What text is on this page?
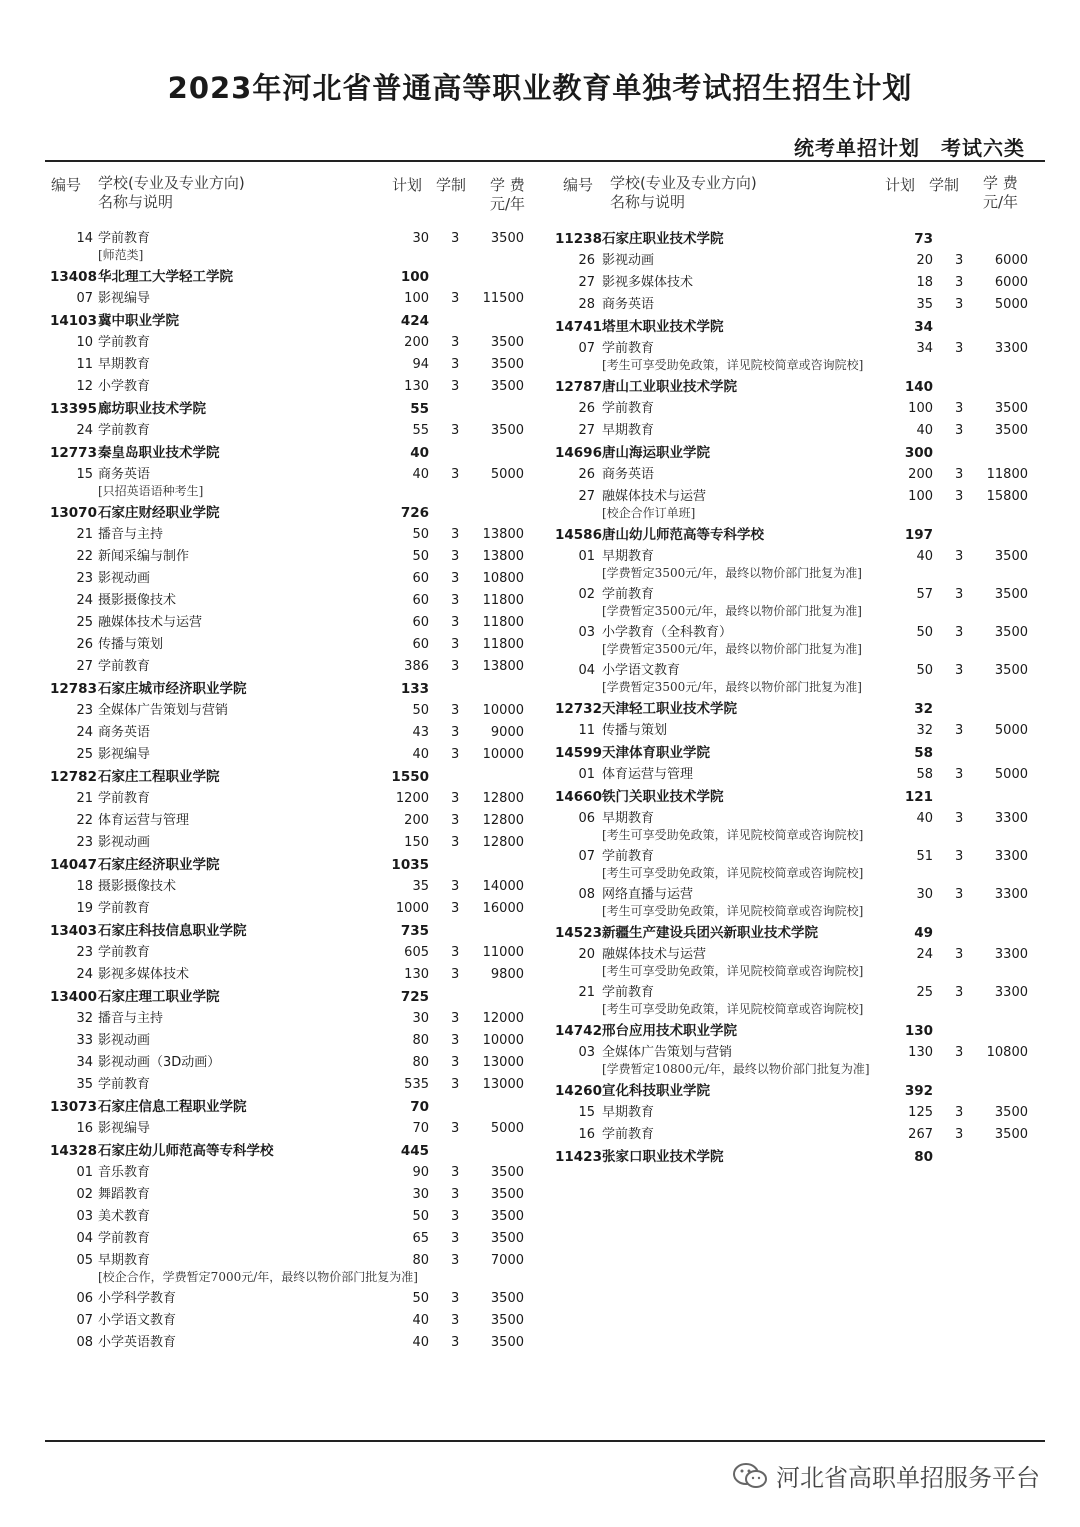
2023年河北省普通高等职业教育单独考试招生招生计划
统考单招计划　考试六类
编号 学校(专业及专业方向)
名称与说明
计划 学制 学 费
元/年
14 学前教育	30 3	3500
[师范类]
13408 华北理工大学轻工学院	100
07 影视编导	100 3	11500
14103 冀中职业学院	424
10 学前教育	200 3	3500
11 早期教育	94 3	3500
12 小学教育	130 3	3500
13395 廊坊职业技术学院	55
24 学前教育	55 3	3500
12773 秦皇岛职业技术学院	40
15 商务英语	40 3	5000
[只招英语语种考生]
13070 石家庄财经职业学院	726
21 播音与主持	50 3	13800
22 新闻采编与制作	50 3	13800
23 影视动画	60 3	10800
24 摄影摄像技术	60 3	11800
25 融媒体技术与运营	60 3	11800
26 传播与策划	60 3	11800
27 学前教育	386 3	13800
12783 石家庄城市经济职业学院	133
23 全媒体广告策划与营销	50 3	10000
24 商务英语	43 3	9000
25 影视编导	40 3	10000
12782 石家庄工程职业学院	1550
21 学前教育	1200 3	12800
22 体育运营与管理	200 3	12800
23 影视动画	150 3	12800
14047 石家庄经济职业学院	1035
18 摄影摄像技术	35 3	14000
19 学前教育	1000 3	16000
13403 石家庄科技信息职业学院	735
23 学前教育	605 3	11000
24 影视多媒体技术	130 3	9800
13400 石家庄理工职业学院	725
32 播音与主持	30 3	12000
33 影视动画	80 3	10000
34 影视动画（3D动画）	80 3	13000
35 学前教育	535 3	13000
13073 石家庄信息工程职业学院	70
16 影视编导	70 3	5000
14328 石家庄幼儿师范高等专科学校	445
01 音乐教育	90 3	3500
02 舞蹈教育	30 3	3500
03 美术教育	50 3	3500
04 学前教育	65 3	3500
05 早期教育	80 3	7000
[校企合作，学费暂定7000元/年，最终以物价部门批复为准]
06 小学科学教育	50 3	3500
07 小学语文教育	40 3	3500
08 小学英语教育	40 3	3500
编号 学校(专业及专业方向)
名称与说明
计划 学制 学 费
元/年
11238 石家庄职业技术学院	73
26 影视动画	20 3	6000
27 影视多媒体技术	18 3	6000
28 商务英语	35 3	5000
14741 塔里木职业技术学院	34
07 学前教育	34 3	3300
[考生可享受助免政策，详见院校简章或咨询院校]
12787 唐山工业职业技术学院	140
26 学前教育	100 3	3500
27 早期教育	40 3	3500
14696 唐山海运职业学院	300
26 商务英语	200 3	11800
27 融媒体技术与运营	100 3	15800
[校企合作订单班]
14586 唐山幼儿师范高等专科学校	197
01 早期教育	40 3	3500
[学费暂定3500元/年，最终以物价部门批复为准]
02 学前教育	57 3	3500
[学费暂定3500元/年，最终以物价部门批复为准]
03 小学教育（全科教育）	50 3	3500
[学费暂定3500元/年，最终以物价部门批复为准]
04 小学语文教育	50 3	3500
[学费暂定3500元/年，最终以物价部门批复为准]
12732 天津轻工职业技术学院	32
11 传播与策划	32 3	5000
14599 天津体育职业学院	58
01 体育运营与管理	58 3	5000
14660 铁门关职业技术学院	121
06 早期教育	40 3	3300
[考生可享受助免政策，详见院校简章或咨询院校]
07 学前教育	51 3	3300
[考生可享受助免政策，详见院校简章或咨询院校]
08 网络直播与运营	30 3	3300
[考生可享受助免政策，详见院校简章或咨询院校]
14523 新疆生产建设兵团兴新职业技术学院	49
20 融媒体技术与运营	24 3	3300
[考生可享受助免政策，详见院校简章或咨询院校]
21 学前教育	25 3	3300
[考生可享受助免政策，详见院校简章或咨询院校]
14742 邢台应用技术职业学院	130
03 全媒体广告策划与营销	130 3	10800
[学费暂定10800元/年，最终以物价部门批复为准]
14260 宣化科技职业学院	392
15 早期教育	125 3	3500
16 学前教育	267 3	3500
11423 张家口职业技术学院	80
河北省高职单招服务平台
